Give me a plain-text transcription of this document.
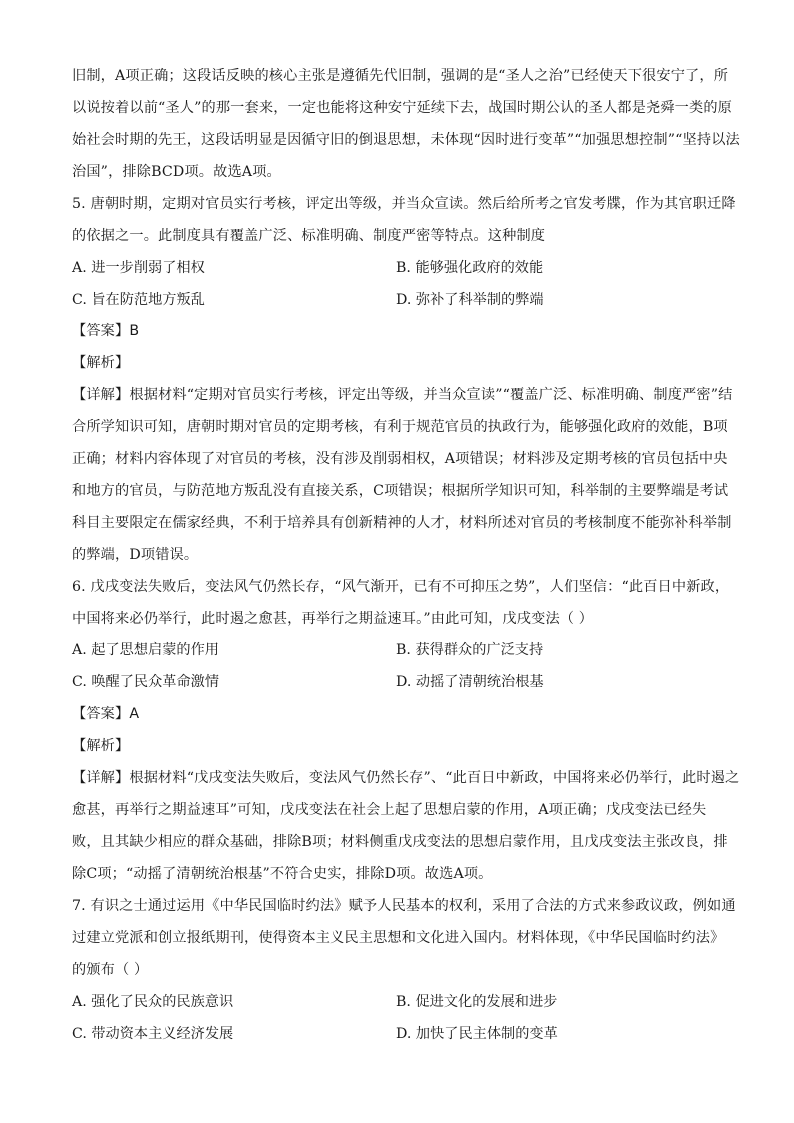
旧制，A项正确；这段话反映的核心主张是遵循先代旧制，强调的是“圣人之治”已经使天下很安宁了，所
以说按着以前“圣人”的那一套来，一定也能将这种安宁延续下去，战国时期公认的圣人都是尧舜一类的原
始社会时期的先王，这段话明显是因循守旧的倒退思想，未体现“因时进行变革”“加强思想控制”“坚持以法
治国”，排除BCD项。故选A项。
5. 唐朝时期，定期对官员实行考核，评定出等级，并当众宣读。然后给所考之官发考牒，作为其官职迁降
的依据之一。此制度具有覆盖广泛、标准明确、制度严密等特点。这种制度
A. 进一步削弱了相权	B. 能够强化政府的效能
C. 旨在防范地方叛乱	D. 弥补了科举制的弊端
【答案】B
【解析】
【详解】根据材料“定期对官员实行考核，评定出等级，并当众宣读”“覆盖广泛、标准明确、制度严密”结
合所学知识可知，唐朝时期对官员的定期考核，有利于规范官员的执政行为，能够强化政府的效能，B项
正确；材料内容体现了对官员的考核，没有涉及削弱相权，A项错误；材料涉及定期考核的官员包括中央
和地方的官员，与防范地方叛乱没有直接关系，C项错误；根据所学知识可知，科举制的主要弊端是考试
科目主要限定在儒家经典，不利于培养具有创新精神的人才，材料所述对官员的考核制度不能弥补科举制
的弊端，D项错误。
6. 戊戌变法失败后，变法风气仍然长存，“风气渐开，已有不可抑压之势”，人们坚信：“此百日中新政，
中国将来必仍举行，此时遏之愈甚，再举行之期益速耳。”由此可知，戊戌变法（ ）
A. 起了思想启蒙的作用	B. 获得群众的广泛支持
C. 唤醒了民众革命激情	D. 动摇了清朝统治根基
【答案】A
【解析】
【详解】根据材料“戊戌变法失败后，变法风气仍然长存”、“此百日中新政，中国将来必仍举行，此时遏之
愈甚，再举行之期益速耳”可知，戊戌变法在社会上起了思想启蒙的作用，A项正确；戊戌变法已经失
败，且其缺少相应的群众基础，排除B项；材料侧重戊戌变法的思想启蒙作用，且戊戌变法主张改良，排
除C项；“动摇了清朝统治根基”不符合史实，排除D项。故选A项。
7. 有识之士通过运用《中华民国临时约法》赋予人民基本的权利，采用了合法的方式来参政议政，例如通
过建立党派和创立报纸期刊，使得资本主义民主思想和文化进入国内。材料体现，《中华民国临时约法》
的颁布（ ）
A. 强化了民众的民族意识	B. 促进文化的发展和进步
C. 带动资本主义经济发展	D. 加快了民主体制的变革
